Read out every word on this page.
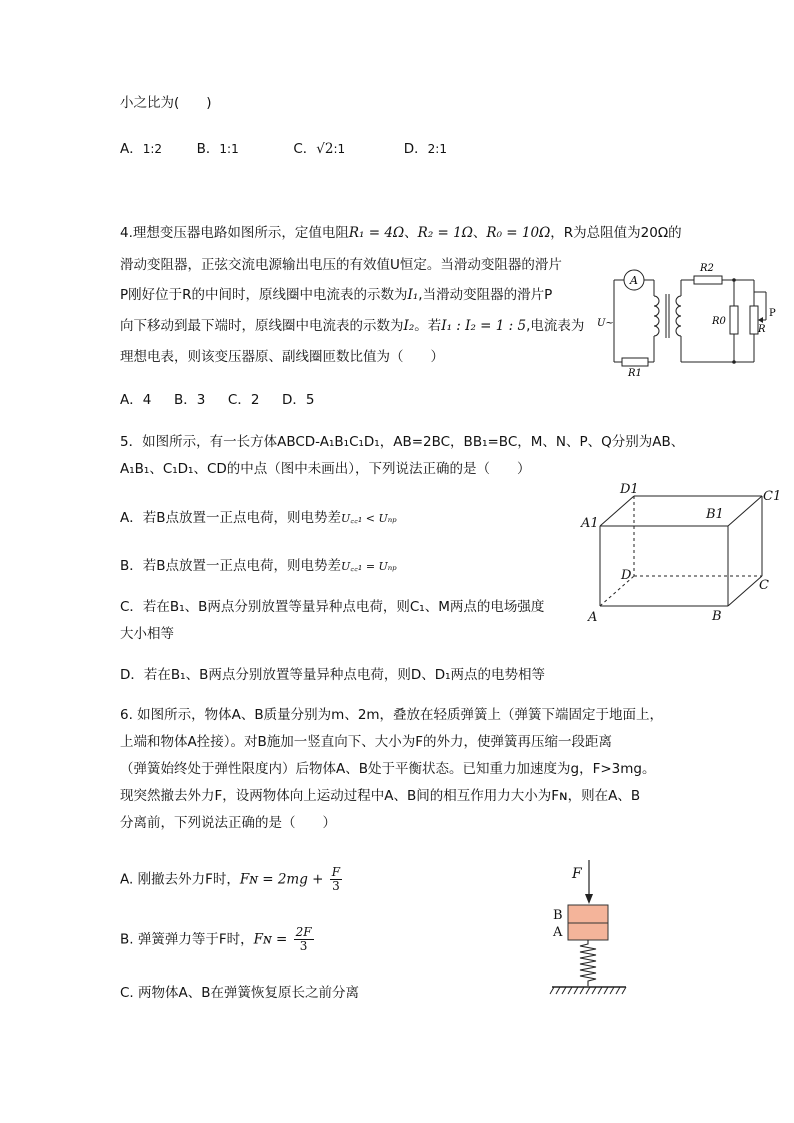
小之比为(　　)
A．1:2	B．1:1	C．√2:1	D．2:1
4.理想变压器电路如图所示，定值电阻R₁ = 4Ω、R₂ = 1Ω、R₀ = 10Ω，R为总阻值为20Ω的
滑动变阻器，正弦交流电源输出电压的有效值U恒定。当滑动变阻器的滑片
P刚好位于R的中间时，原线圈中电流表的示数为I₁,当滑动变阻器的滑片P
向下移动到最下端时，原线圈中电流表的示数为I₂。若I₁ : I₂ = 1 : 5,电流表为
理想电表，则该变压器原、副线圈匝数比值为（　　）
A．4 B．3 C．2 D．5
A
U~
R1
R2
R0
R
P
5．如图所示，有一长方体ABCD-A₁B₁C₁D₁，AB=2BC，BB₁=BC，M、N、P、Q分别为AB、
A₁B₁、C₁D₁、CD的中点（图中未画出），下列说法正确的是（　　）
A．若B点放置一正点电荷，则电势差U꜀꜀₁ < Uₙₚ
B．若B点放置一正点电荷，则电势差U꜀꜀₁ = Uₙₚ
C．若在B₁、B两点分别放置等量异种点电荷，则C₁、M两点的电场强度
大小相等
D．若在B₁、B两点分别放置等量异种点电荷，则D、D₁两点的电势相等
A	B
C
D
A1
B1
C1
D1
6. 如图所示，物体A、B质量分别为m、2m，叠放在轻质弹簧上（弹簧下端固定于地面上，
上端和物体A拴接）。对B施加一竖直向下、大小为F的外力，使弹簧再压缩一段距离
（弹簧始终处于弹性限度内）后物体A、B处于平衡状态。已知重力加速度为g，F>3mg。
现突然撤去外力F，设两物体向上运动过程中A、B间的相互作用力大小为Fɴ，则在A、B
分离前，下列说法正确的是（　　）
A. 刚撤去外力F时，Fɴ = $2mg + \frac{F}{3}$
B. 弹簧弹力等于F时，Fɴ = $\frac{2F}{3}$
C. 两物体A、B在弹簧恢复原长之前分离
F
B
A
